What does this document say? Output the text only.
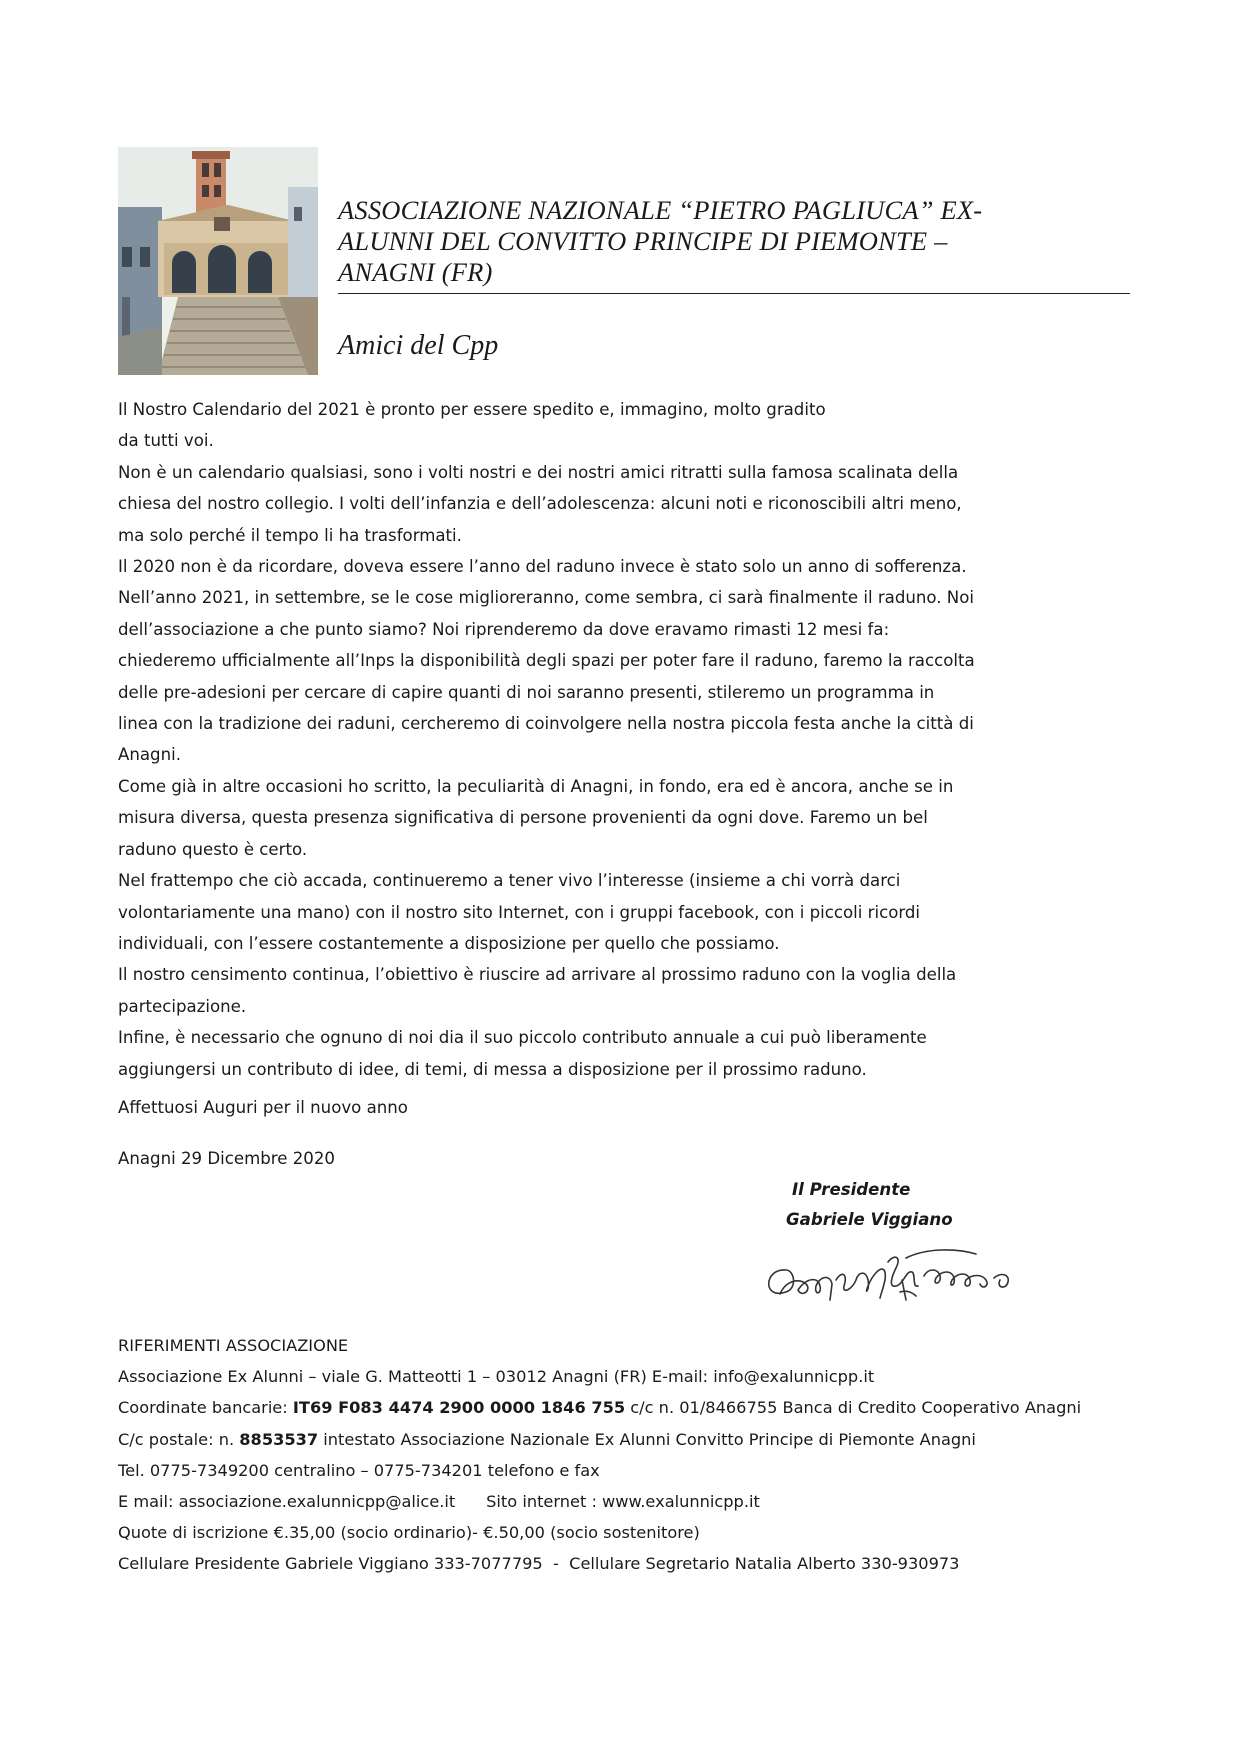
ASSOCIAZIONE NAZIONALE “PIETRO PAGLIUCA” EX-
ALUNNI DEL CONVITTO PRINCIPE DI PIEMONTE –
ANAGNI (FR)
Amici del Cpp

Il Nostro Calendario del 2021 è pronto per essere spedito e, immagino, molto gradito
da tutti voi.

Non è un calendario qualsiasi, sono i volti nostri e dei nostri amici ritratti sulla famosa scalinata della
chiesa del nostro collegio. I volti dell’infanzia e dell’adolescenza: alcuni noti e riconoscibili altri meno,
ma solo perché il tempo li ha trasformati.

Il 2020 non è da ricordare, doveva essere l’anno del raduno invece è stato solo un anno di sofferenza.
Nell’anno 2021, in settembre, se le cose miglioreranno, come sembra, ci sarà finalmente il raduno. Noi
dell’associazione a che punto siamo? Noi riprenderemo da dove eravamo rimasti 12 mesi fa:
chiederemo ufficialmente all’Inps la disponibilità degli spazi per poter fare il raduno, faremo la raccolta
delle pre-adesioni per cercare di capire quanti di noi saranno presenti, stileremo un programma in
linea con la tradizione dei raduni, cercheremo di coinvolgere nella nostra piccola festa anche la città di
Anagni.

Come già in altre occasioni ho scritto, la peculiarità di Anagni, in fondo, era ed è ancora, anche se in
misura diversa, questa presenza significativa di persone provenienti da ogni dove. Faremo un bel
raduno questo è certo.

Nel frattempo che ciò accada, continueremo a tener vivo l’interesse (insieme a chi vorrà darci
volontariamente una mano) con il nostro sito Internet, con i gruppi facebook, con i piccoli ricordi
individuali, con l’essere costantemente a disposizione per quello che possiamo.

Il nostro censimento continua, l’obiettivo è riuscire ad arrivare al prossimo raduno con la voglia della
partecipazione.

Infine, è necessario che ognuno di noi dia il suo piccolo contributo annuale a cui può liberamente
aggiungersi un contributo di idee, di temi, di messa a disposizione per il prossimo raduno.

Affettuosi Auguri per il nuovo anno

Anagni 29 Dicembre 2020

Il Presidente

Gabriele Viggiano

RIFERIMENTI ASSOCIAZIONE

Associazione Ex Alunni – viale G. Matteotti 1 – 03012 Anagni (FR) E-mail: info@exalunnicpp.it

Coordinate bancarie: IT69 F083 4474 2900 0000 1846 755 c/c n. 01/8466755 Banca di Credito Cooperativo Anagni

C/c postale: n. 8853537 intestato Associazione Nazionale Ex Alunni Convitto Principe di Piemonte Anagni

Tel. 0775-7349200 centralino – 0775-734201 telefono e fax

E mail: associazione.exalunnicpp@alice.it      Sito internet : www.exalunnicpp.it

Quote di iscrizione €.35,00 (socio ordinario)- €.50,00 (socio sostenitore)

Cellulare Presidente Gabriele Viggiano 333-7077795  -  Cellulare Segretario Natalia Alberto 330-930973
